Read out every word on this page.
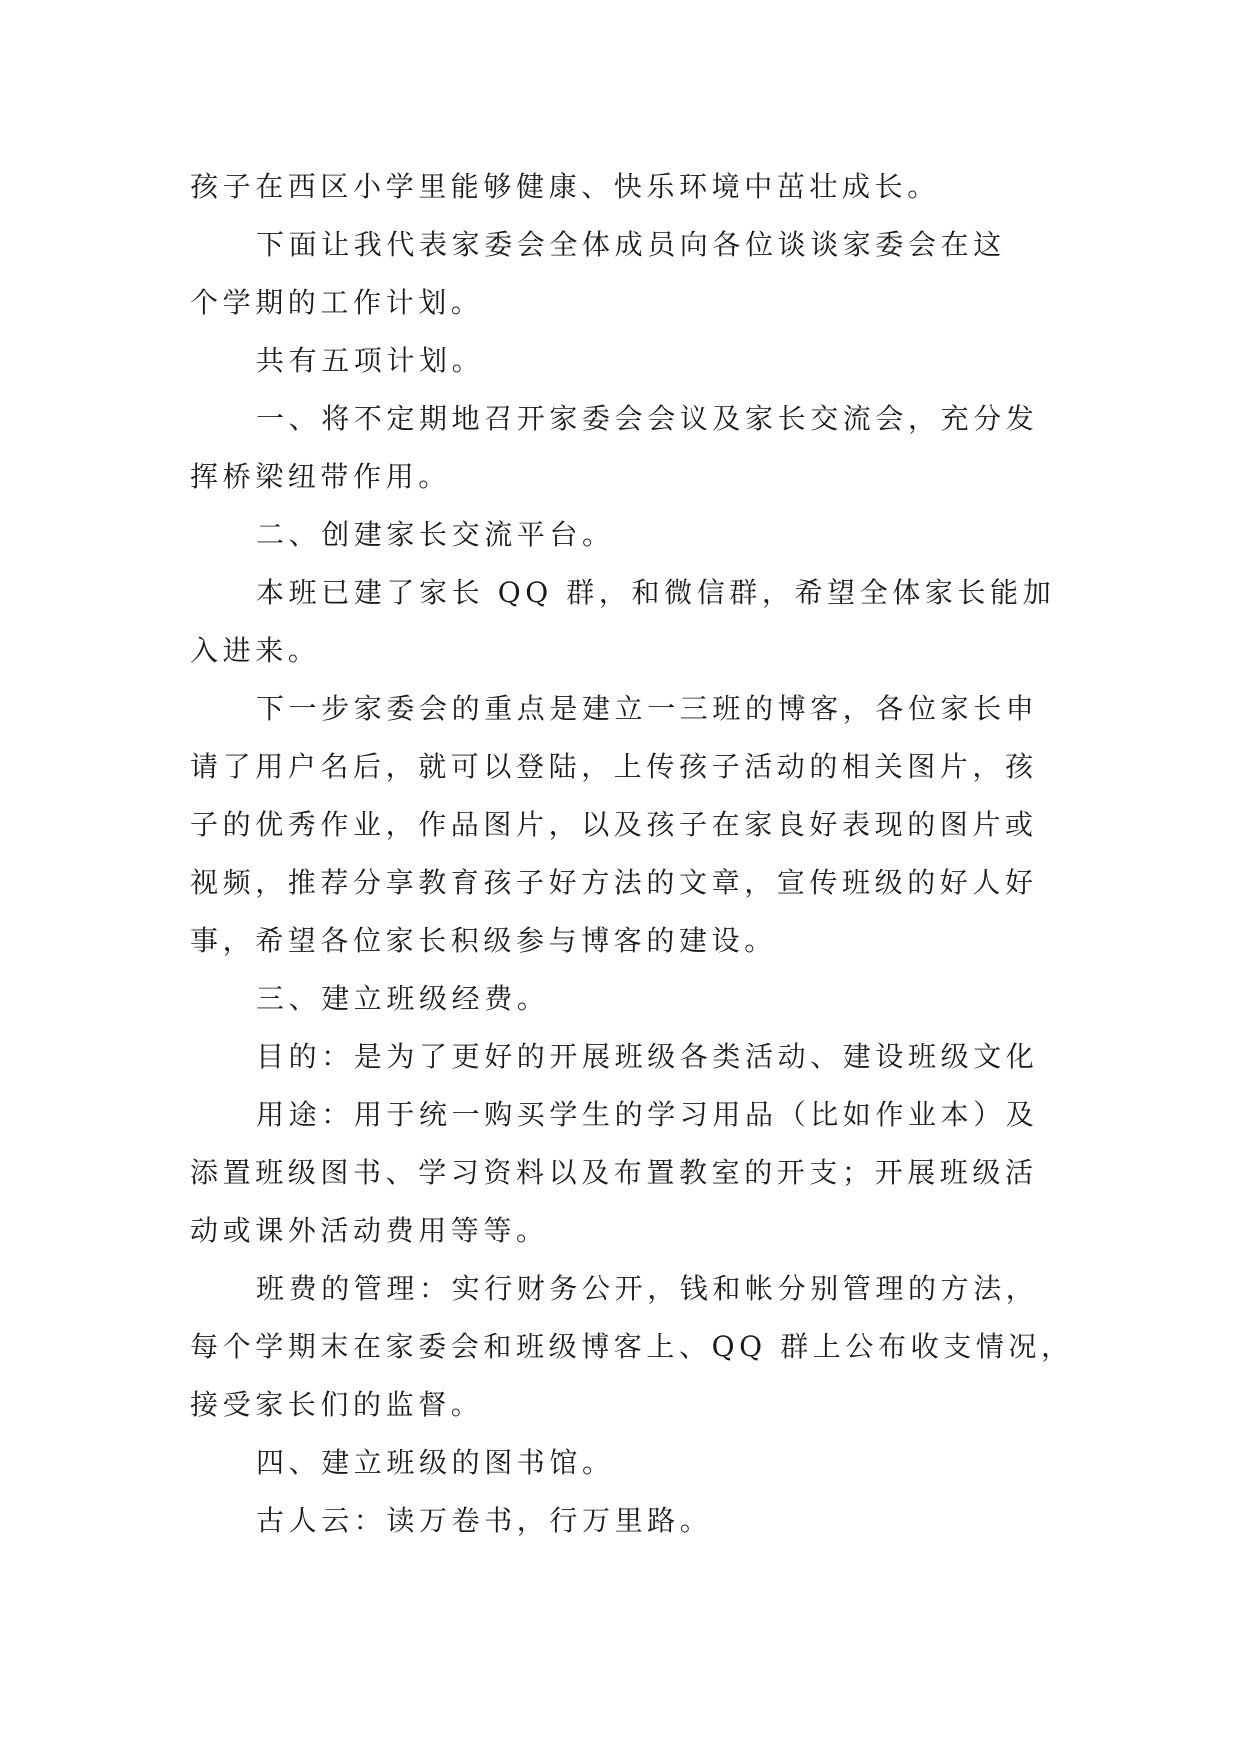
孩子在西区小学里能够健康、快乐环境中茁壮成长。
下面让我代表家委会全体成员向各位谈谈家委会在这
个学期的工作计划。
共有五项计划。
一、将不定期地召开家委会会议及家长交流会，充分发
挥桥梁纽带作用。
二、创建家长交流平台。
本班已建了家长 QQ 群，和微信群，希望全体家长能加
入进来。
下一步家委会的重点是建立一三班的博客，各位家长申
请了用户名后，就可以登陆，上传孩子活动的相关图片，孩
子的优秀作业，作品图片，以及孩子在家良好表现的图片或
视频，推荐分享教育孩子好方法的文章，宣传班级的好人好
事，希望各位家长积级参与博客的建设。
三、建立班级经费。
目的：是为了更好的开展班级各类活动、建设班级文化
用途：用于统一购买学生的学习用品（比如作业本）及
添置班级图书、学习资料以及布置教室的开支；开展班级活
动或课外活动费用等等。
班费的管理：实行财务公开，钱和帐分别管理的方法，
每个学期末在家委会和班级博客上、QQ 群上公布收支情况，
接受家长们的监督。
四、建立班级的图书馆。
古人云：读万卷书，行万里路。
